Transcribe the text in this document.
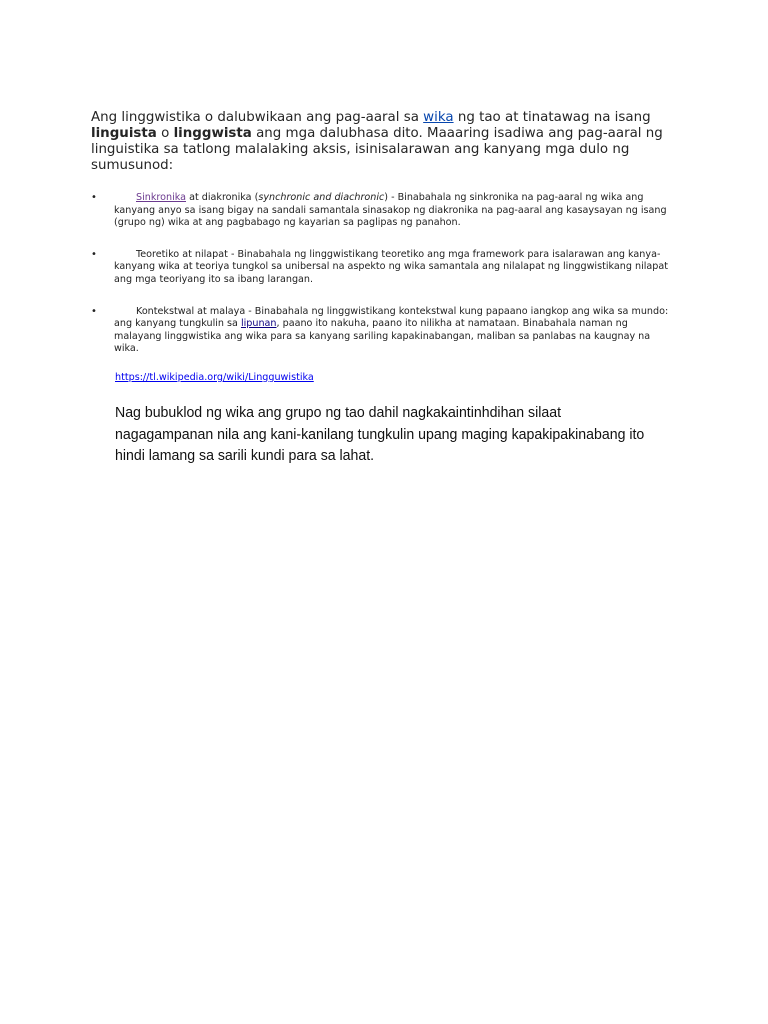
Ang linggwistika o dalubwikaan ang pag-aaral sa wika ng tao at tinatawag na isang linguista o linggwista ang mga dalubhasa dito. Maaaring isadiwa ang pag-aaral ng linguistika sa tatlong malalaking aksis, isinisalarawan ang kanyang mga dulo ng sumusunod:

•	Sinkronika at diakronika (synchronic and diachronic) - Binabahala ng sinkronika na pag-aaral ng wika ang kanyang anyo sa isang bigay na sandali samantala sinasakop ng diakronika na pag-aaral ang kasaysayan ng isang (grupo ng) wika at ang pagbabago ng kayarian sa paglipas ng panahon.
•	Teoretiko at nilapat - Binabahala ng linggwistikang teoretiko ang mga framework para isalarawan ang kanya-kanyang wika at teoriya tungkol sa unibersal na aspekto ng wika samantala ang nilalapat ng linggwistikang nilapat ang mga teoriyang ito sa ibang larangan.
•	Kontekstwal at malaya - Binabahala ng linggwistikang kontekstwal kung papaano iangkop ang wika sa mundo: ang kanyang tungkulin sa lipunan, paano ito nakuha, paano ito nilikha at namataan. Binabahala naman ng malayang linggwistika ang wika para sa kanyang sariling kapakinabangan, maliban sa panlabas na kaugnay na wika.
https://tl.wikipedia.org/wiki/Lingguwistika

Nag bubuklod ng wika ang grupo ng tao dahil nagkakaintinhdihan silaat nagagampanan nila ang kani-kanilang tungkulin upang maging kapakipakinabang ito hindi lamang sa sarili kundi para sa lahat.
